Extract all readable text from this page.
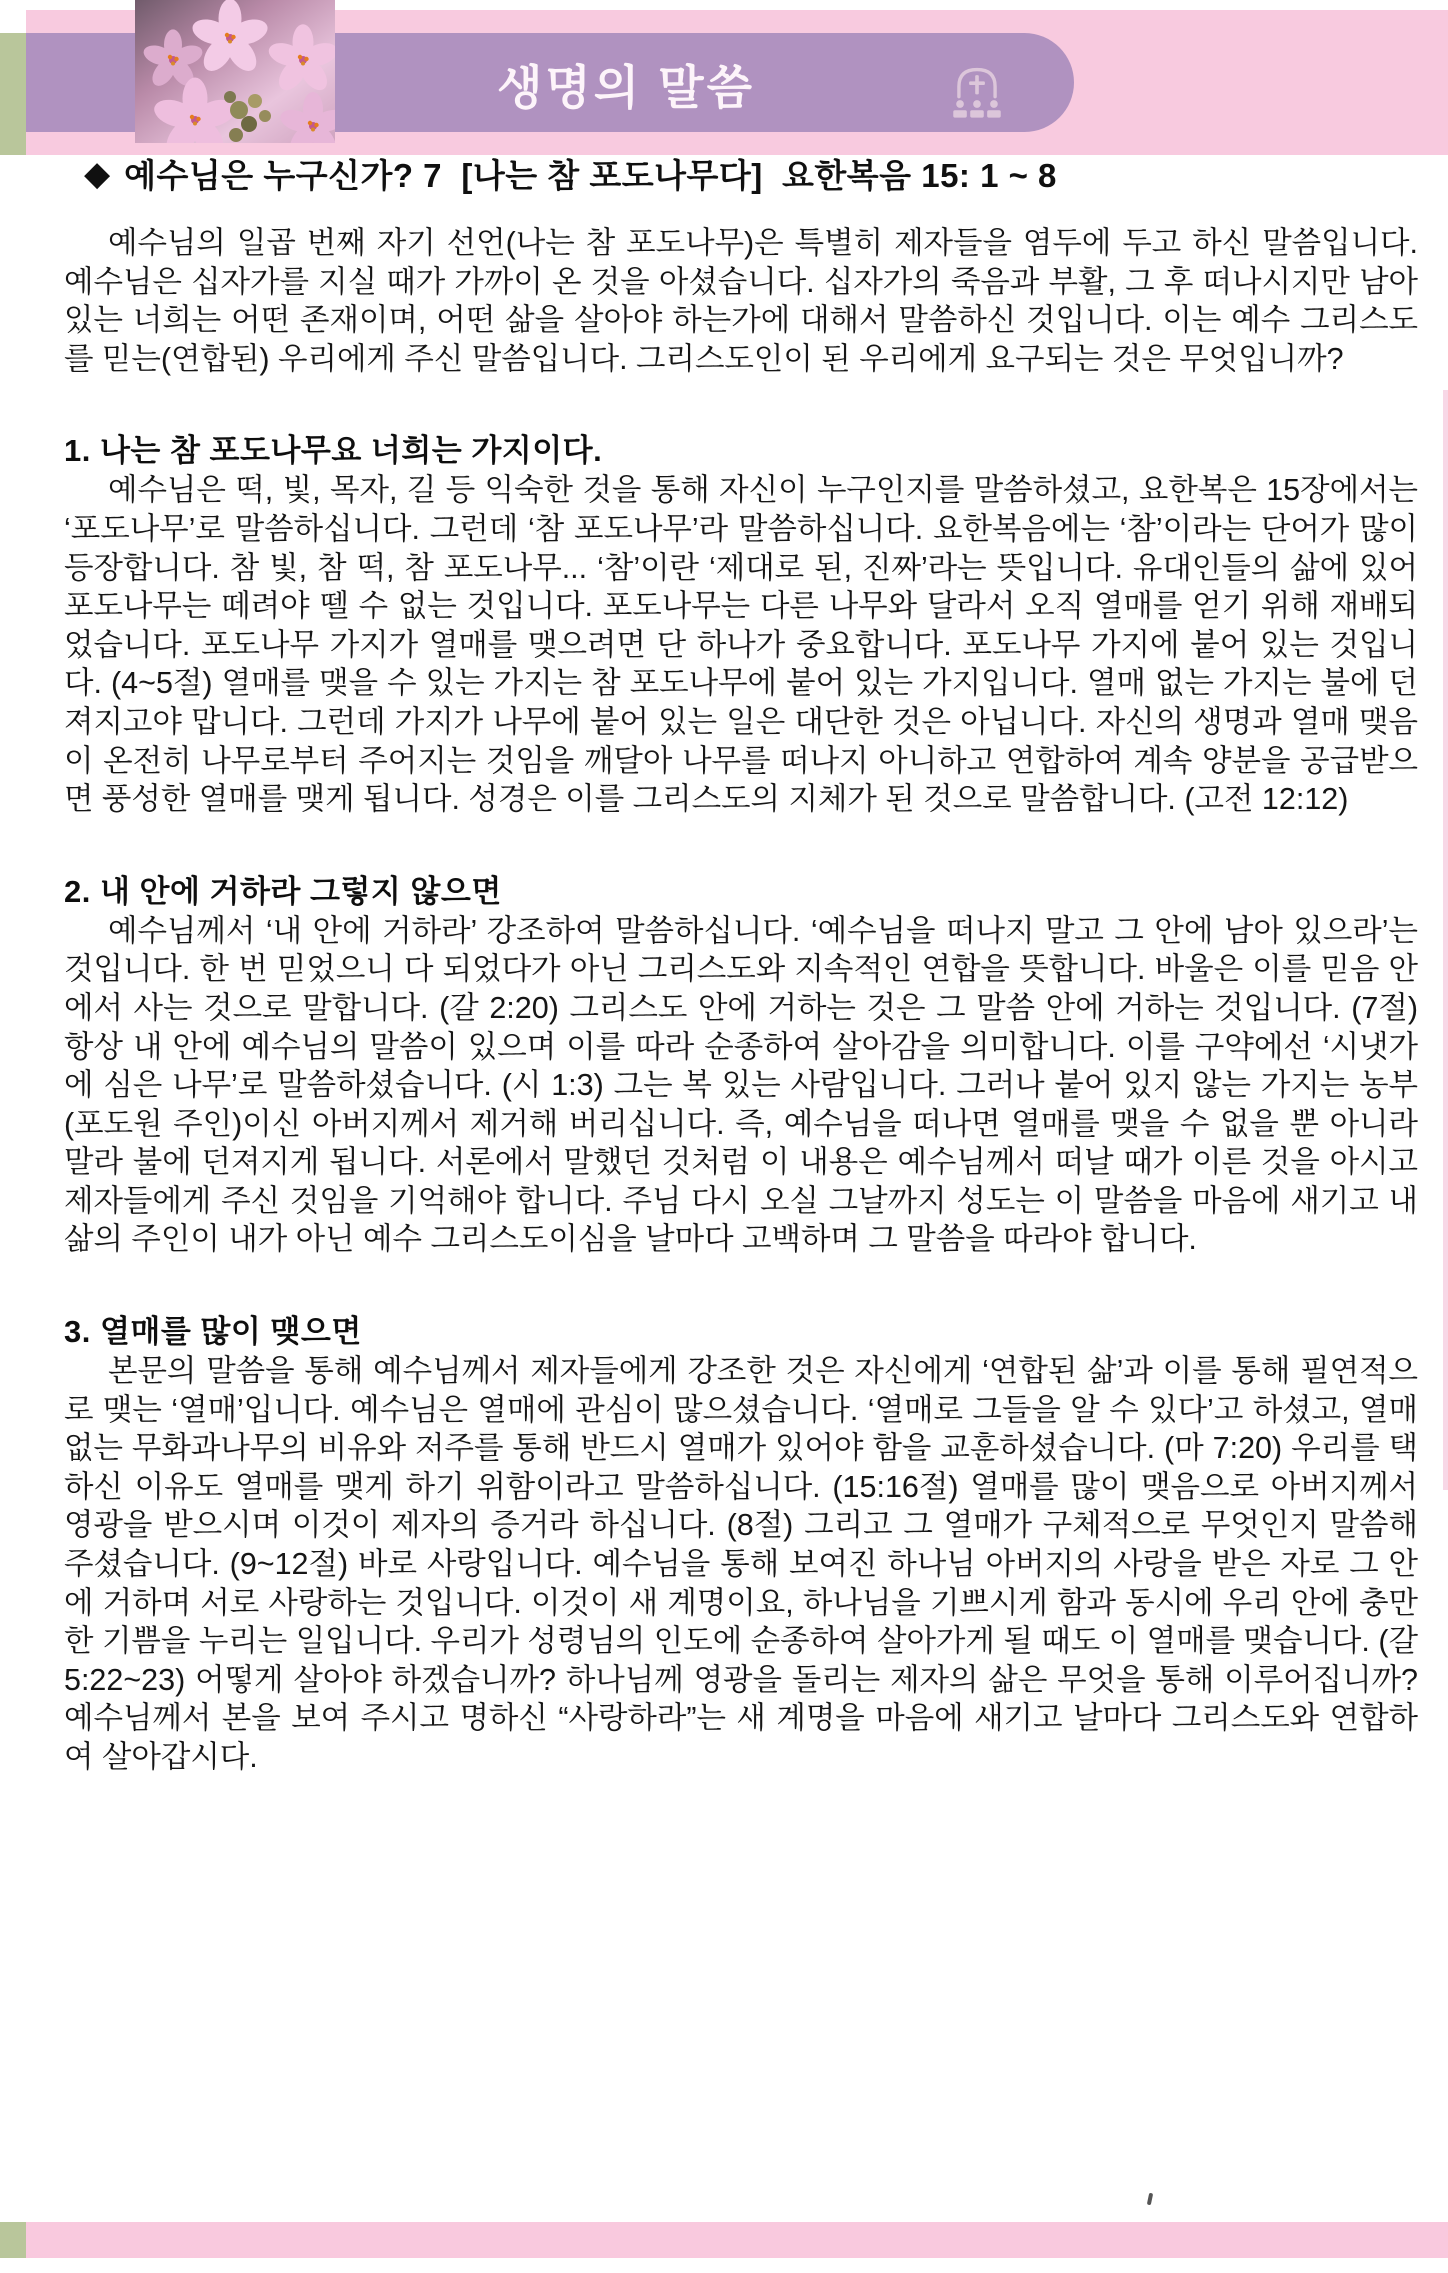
생명의 말씀
◆ 예수님은 누구신가? 7  [나는 참 포도나무다]  요한복음 15: 1 ~ 8

예수님의 일곱 번째 자기 선언(나는 참 포도나무)은 특별히 제자들을 염두에 두고 하신 말씀입니다. 예수님은 십자가를 지실 때가 가까이 온 것을 아셨습니다. 십자가의 죽음과 부활, 그 후 떠나시지만 남아 있는 너희는 어떤 존재이며, 어떤 삶을 살아야 하는가에 대해서 말씀하신 것입니다. 이는 예수 그리스도를 믿는(연합된) 우리에게 주신 말씀입니다. 그리스도인이 된 우리에게 요구되는 것은 무엇입니까?

1. 나는 참 포도나무요 너희는 가지이다.

예수님은 떡, 빛, 목자, 길 등 익숙한 것을 통해 자신이 누구인지를 말씀하셨고, 요한복은 15장에서는 ‘포도나무’로 말씀하십니다. 그런데 ‘참 포도나무’라 말씀하십니다. 요한복음에는 ‘참’이라는 단어가 많이 등장합니다. 참 빛, 참 떡, 참 포도나무... ‘참’이란 ‘제대로 된, 진짜’라는 뜻입니다. 유대인들의 삶에 있어 포도나무는 떼려야 뗄 수 없는 것입니다. 포도나무는 다른 나무와 달라서 오직 열매를 얻기 위해 재배되었습니다. 포도나무 가지가 열매를 맺으려면 단 하나가 중요합니다. 포도나무 가지에 붙어 있는 것입니다. (4~5절) 열매를 맺을 수 있는 가지는 참 포도나무에 붙어 있는 가지입니다. 열매 없는 가지는 불에 던져지고야 맙니다. 그런데 가지가 나무에 붙어 있는 일은 대단한 것은 아닙니다. 자신의 생명과 열매 맺음이 온전히 나무로부터 주어지는 것임을 깨달아 나무를 떠나지 아니하고 연합하여 계속 양분을 공급받으면 풍성한 열매를 맺게 됩니다. 성경은 이를 그리스도의 지체가 된 것으로 말씀합니다. (고전 12:12)

2. 내 안에 거하라 그렇지 않으면

예수님께서 ‘내 안에 거하라’ 강조하여 말씀하십니다. ‘예수님을 떠나지 말고 그 안에 남아 있으라’는 것입니다. 한 번 믿었으니 다 되었다가 아닌 그리스도와 지속적인 연합을 뜻합니다. 바울은 이를 믿음 안에서 사는 것으로 말합니다. (갈 2:20) 그리스도 안에 거하는 것은 그 말씀 안에 거하는 것입니다. (7절) 항상 내 안에 예수님의 말씀이 있으며 이를 따라 순종하여 살아감을 의미합니다. 이를 구약에선 ‘시냇가에 심은 나무’로 말씀하셨습니다. (시 1:3) 그는 복 있는 사람입니다. 그러나 붙어 있지 않는 가지는 농부(포도원 주인)이신 아버지께서 제거해 버리십니다. 즉, 예수님을 떠나면 열매를 맺을 수 없을 뿐 아니라 말라 불에 던져지게 됩니다. 서론에서 말했던 것처럼 이 내용은 예수님께서 떠날 때가 이른 것을 아시고 제자들에게 주신 것임을 기억해야 합니다. 주님 다시 오실 그날까지 성도는 이 말씀을 마음에 새기고 내 삶의 주인이 내가 아닌 예수 그리스도이심을 날마다 고백하며 그 말씀을 따라야 합니다.

3. 열매를 많이 맺으면

본문의 말씀을 통해 예수님께서 제자들에게 강조한 것은 자신에게 ‘연합된 삶’과 이를 통해 필연적으로 맺는 ‘열매’입니다. 예수님은 열매에 관심이 많으셨습니다. ‘열매로 그들을 알 수 있다’고 하셨고, 열매 없는 무화과나무의 비유와 저주를 통해 반드시 열매가 있어야 함을 교훈하셨습니다. (마 7:20) 우리를 택하신 이유도 열매를 맺게 하기 위함이라고 말씀하십니다. (15:16절) 열매를 많이 맺음으로 아버지께서 영광을 받으시며 이것이 제자의 증거라 하십니다. (8절) 그리고 그 열매가 구체적으로 무엇인지 말씀해 주셨습니다. (9~12절) 바로 사랑입니다. 예수님을 통해 보여진 하나님 아버지의 사랑을 받은 자로 그 안에 거하며 서로 사랑하는 것입니다. 이것이 새 계명이요, 하나님을 기쁘시게 함과 동시에 우리 안에 충만한 기쁨을 누리는 일입니다. 우리가 성령님의 인도에 순종하여 살아가게 될 때도 이 열매를 맺습니다. (갈 5:22~23) 어떻게 살아야 하겠습니까? 하나님께 영광을 돌리는 제자의 삶은 무엇을 통해 이루어집니까? 예수님께서 본을 보여 주시고 명하신 “사랑하라”는 새 계명을 마음에 새기고 날마다 그리스도와 연합하여 살아갑시다.
